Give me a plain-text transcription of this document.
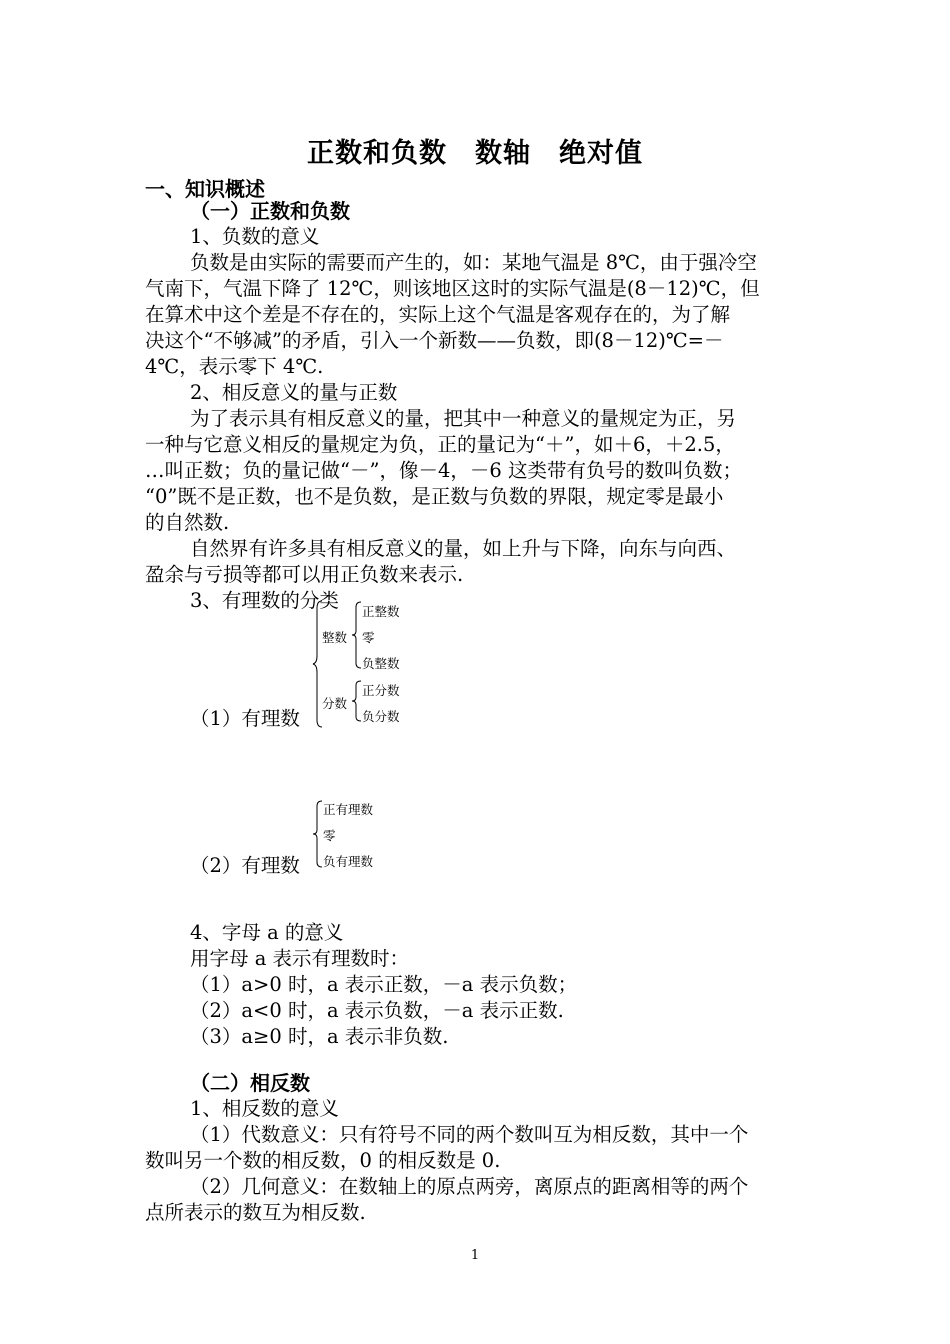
正数和负数　数轴　绝对值
一、知识概述
（一）正数和负数
1、负数的意义
负数是由实际的需要而产生的，如：某地气温是 8℃，由于强冷空
气南下，气温下降了 12℃，则该地区这时的实际气温是(8－12)℃，但
在算术中这个差是不存在的，实际上这个气温是客观存在的，为了解
决这个“不够减”的矛盾，引入一个新数——负数，即(8－12)℃=－
4℃，表示零下 4℃.
2、相反意义的量与正数
为了表示具有相反意义的量，把其中一种意义的量规定为正，另
一种与它意义相反的量规定为负，正的量记为“＋”，如＋6，＋2.5，
…叫正数；负的量记做“－”，像－4，－6 这类带有负号的数叫负数；
“0”既不是正数，也不是负数，是正数与负数的界限，规定零是最小
的自然数.
自然界有许多具有相反意义的量，如上升与下降，向东与向西、
盈余与亏损等都可以用正负数来表示.
3、有理数的分类
（1）有理数
整数
正整数
零
负整数
分数
正分数
负分数
（2）有理数
正有理数
零
负有理数
4、字母 a 的意义
用字母 a 表示有理数时：
（1）a>0 时，a 表示正数，－a 表示负数；
（2）a<0 时，a 表示负数，－a 表示正数.
（3）a≥0 时，a 表示非负数.
（二）相反数
1、相反数的意义
（1）代数意义：只有符号不同的两个数叫互为相反数，其中一个
数叫另一个数的相反数，0 的相反数是 0.
（2）几何意义：在数轴上的原点两旁，离原点的距离相等的两个
点所表示的数互为相反数.
1
